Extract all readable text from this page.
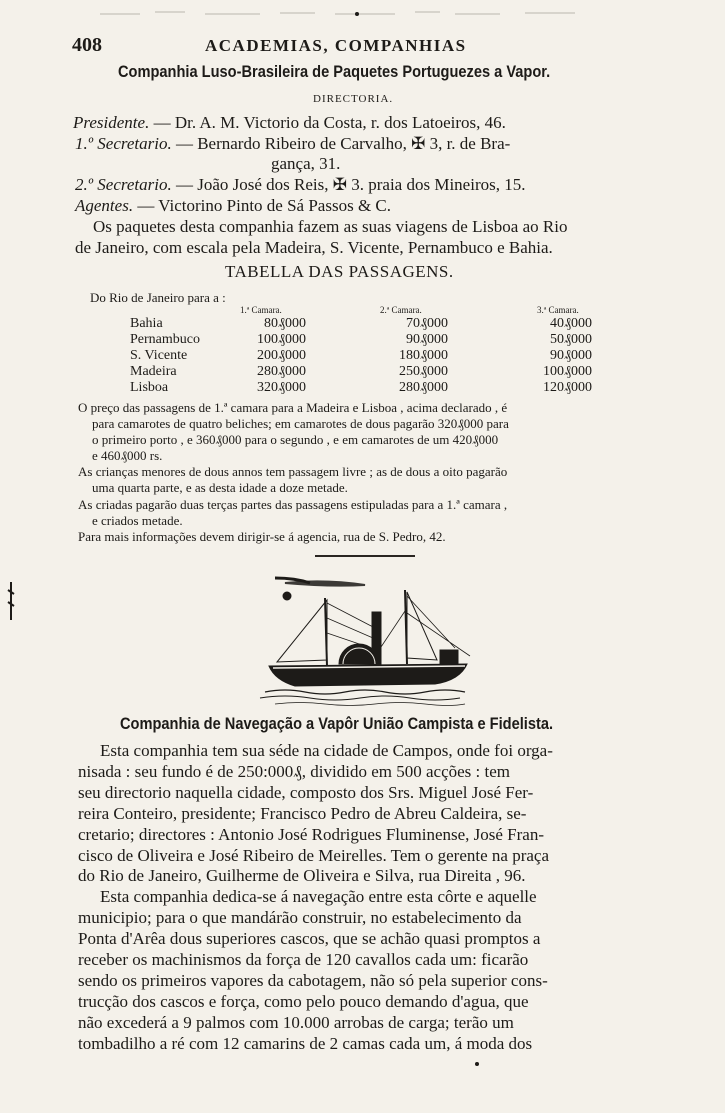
408	ACADEMIAS, COMPANHIAS
Companhia Luso-Brasileira de Paquetes Portuguezes a Vapor.
DIRECTORIA.
Presidente. — Dr. A. M. Victorio da Costa, r. dos Latoeiros, 46.
1.º Secretario. — Bernardo Ribeiro de Carvalho, ✠ 3, r. de Bra-
gança, 31.
2.º Secretario. — João José dos Reis, ✠ 3. praia dos Mineiros, 15.
Agentes. — Victorino Pinto de Sá Passos & C.
Os paquetes desta companhia fazem as suas viagens de Lisboa ao Rio
de Janeiro, com escala pela Madeira, S. Vicente, Pernambuco e Bahia.
TABELLA DAS PASSAGENS.
Do Rio de Janeiro para a :
1.ª Camara.	2.ª Camara.	3.ª Camara.
Bahia	80₰000	70₰000	40₰000
Pernambuco	100₰000	90₰000	50₰000
S. Vicente	200₰000	180₰000	90₰000
Madeira	280₰000	250₰000	100₰000
Lisboa	320₰000	280₰000	120₰000
O preço das passagens de 1.ª camara para a Madeira e Lisboa , acima declarado , é
para camarotes de quatro beliches; em camarotes de dous pagarão 320₰000 para
o primeiro porto , e 360₰000 para o segundo , e em camarotes de um 420₰000
e 460₰000 rs.
As crianças menores de dous annos tem passagem livre ; as de dous a oito pagarão
uma quarta parte, e as desta idade a doze metade.
As criadas pagarão duas terças partes das passagens estipuladas para a 1.ª camara ,
e criados metade.
Para mais informações devem dirigir-se á agencia, rua de S. Pedro, 42.
Companhia de Navegação a Vapôr União Campista e Fidelista.
Esta companhia tem sua séde na cidade de Campos, onde foi orga-
nisada : seu fundo é de 250:000₰, dividido em 500 acções : tem
seu directorio naquella cidade, composto dos Srs. Miguel José Fer-
reira Conteiro, presidente; Francisco Pedro de Abreu Caldeira, se-
cretario; directores : Antonio José Rodrigues Fluminense, José Fran-
cisco de Oliveira e José Ribeiro de Meirelles. Tem o gerente na praça
do Rio de Janeiro, Guilherme de Oliveira e Silva, rua Direita , 96.
Esta companhia dedica-se á navegação entre esta côrte e aquelle
municipio; para o que mandárão construir, no estabelecimento da
Ponta d'Arêa dous superiores cascos, que se achão quasi promptos a
receber os machinismos da força de 120 cavallos cada um: ficarão
sendo os primeiros vapores da cabotagem, não só pela superior cons-
trucção dos cascos e força, como pelo pouco demando d'agua, que
não excederá a 9 palmos com 10.000 arrobas de carga; terão um
tombadilho a ré com 12 camarins de 2 camas cada um, á moda dos
